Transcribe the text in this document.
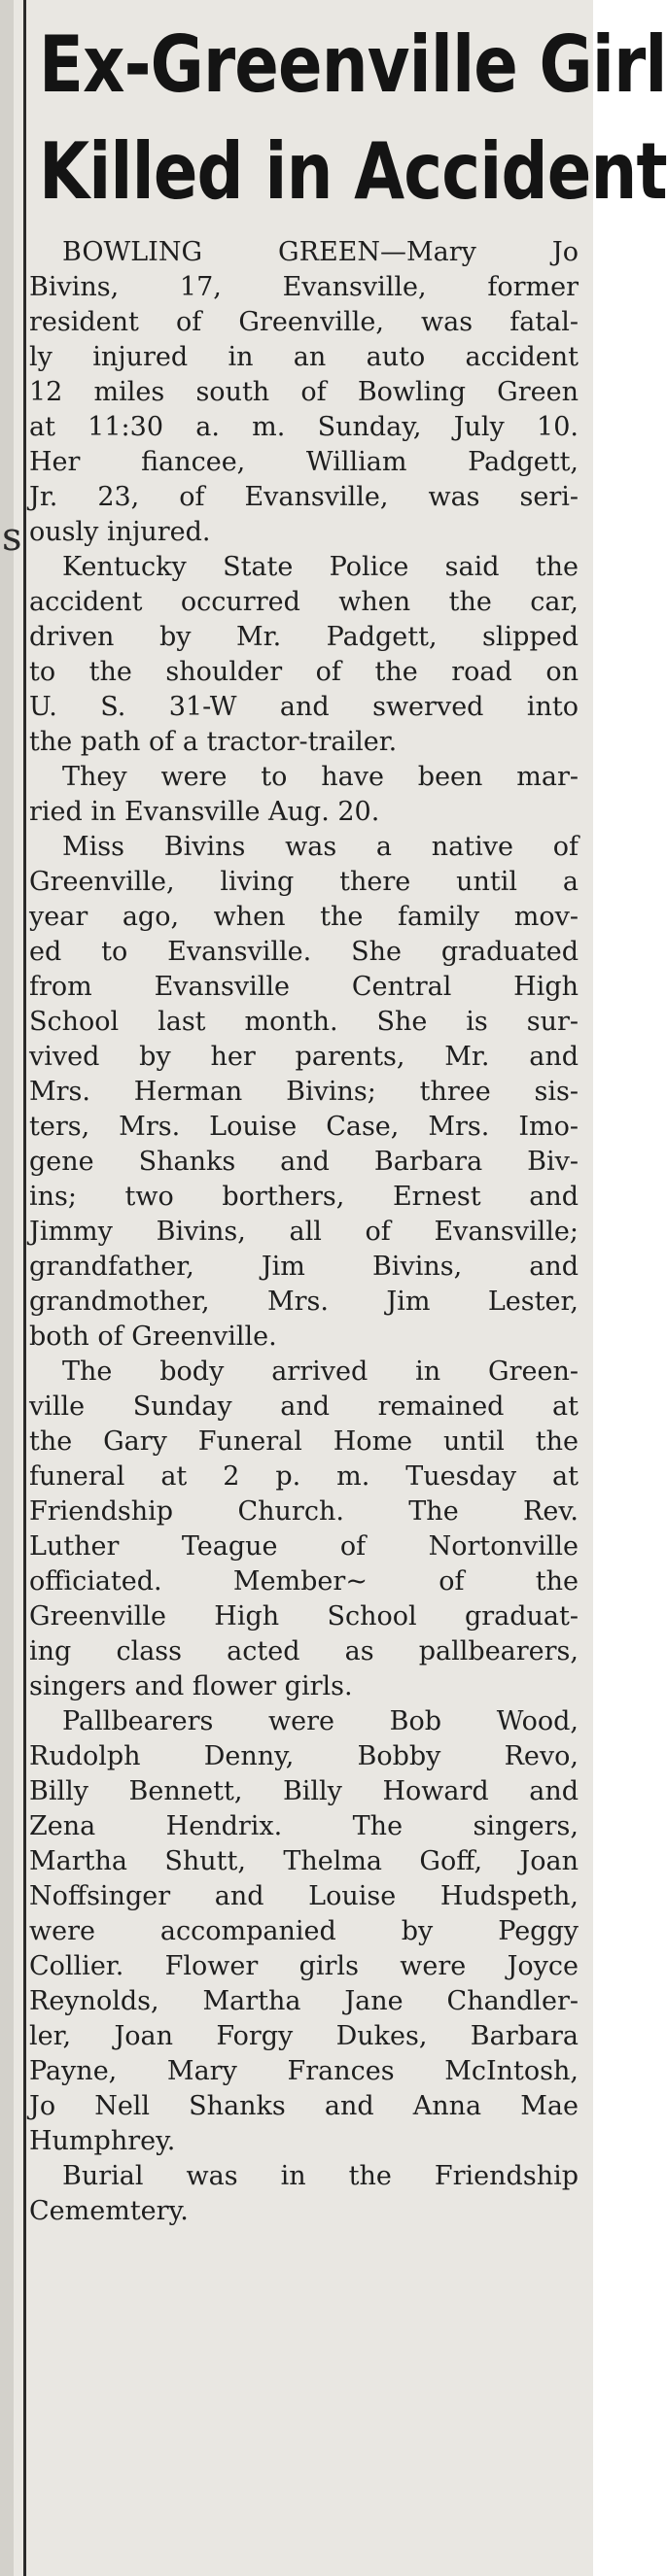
s
Ex-Greenville Girl
Killed in Accident
BOWLING GREEN—Mary Jo
Bivins, 17, Evansville, former
resident of Greenville, was fatal-
ly injured in an auto accident
12 miles south of Bowling Green
at 11:30 a. m. Sunday, July 10.
Her fiancee, William Padgett,
Jr. 23, of Evansville, was seri-
ously injured.
Kentucky State Police said the
accident occurred when the car,
driven by Mr. Padgett, slipped
to the shoulder of the road on
U. S. 31-W and swerved into
the path of a tractor-trailer.
They were to have been mar-
ried in Evansville Aug. 20.
Miss Bivins was a native of
Greenville, living there until a
year ago, when the family mov-
ed to Evansville. She graduated
from Evansville Central High
School last month. She is sur-
vived by her parents, Mr. and
Mrs. Herman Bivins; three sis-
ters, Mrs. Louise Case, Mrs. Imo-
gene Shanks and Barbara Biv-
ins; two borthers, Ernest and
Jimmy Bivins, all of Evansville;
grandfather, Jim Bivins, and
grandmother, Mrs. Jim Lester,
both of Greenville.
The body arrived in Green-
ville Sunday and remained at
the Gary Funeral Home until the
funeral at 2 p. m. Tuesday at
Friendship Church. The Rev.
Luther Teague of Nortonville
officiated. Member~ of the
Greenville High School graduat-
ing class acted as pallbearers,
singers and flower girls.
Pallbearers were Bob Wood,
Rudolph Denny, Bobby Revo,
Billy Bennett, Billy Howard and
Zena Hendrix. The singers,
Martha Shutt, Thelma Goff, Joan
Noffsinger and Louise Hudspeth,
were accompanied by Peggy
Collier. Flower girls were Joyce
Reynolds, Martha Jane Chandler-
ler, Joan Forgy Dukes, Barbara
Payne, Mary Frances McIntosh,
Jo Nell Shanks and Anna Mae
Humphrey.
Burial was in the Friendship
Cememtery.
